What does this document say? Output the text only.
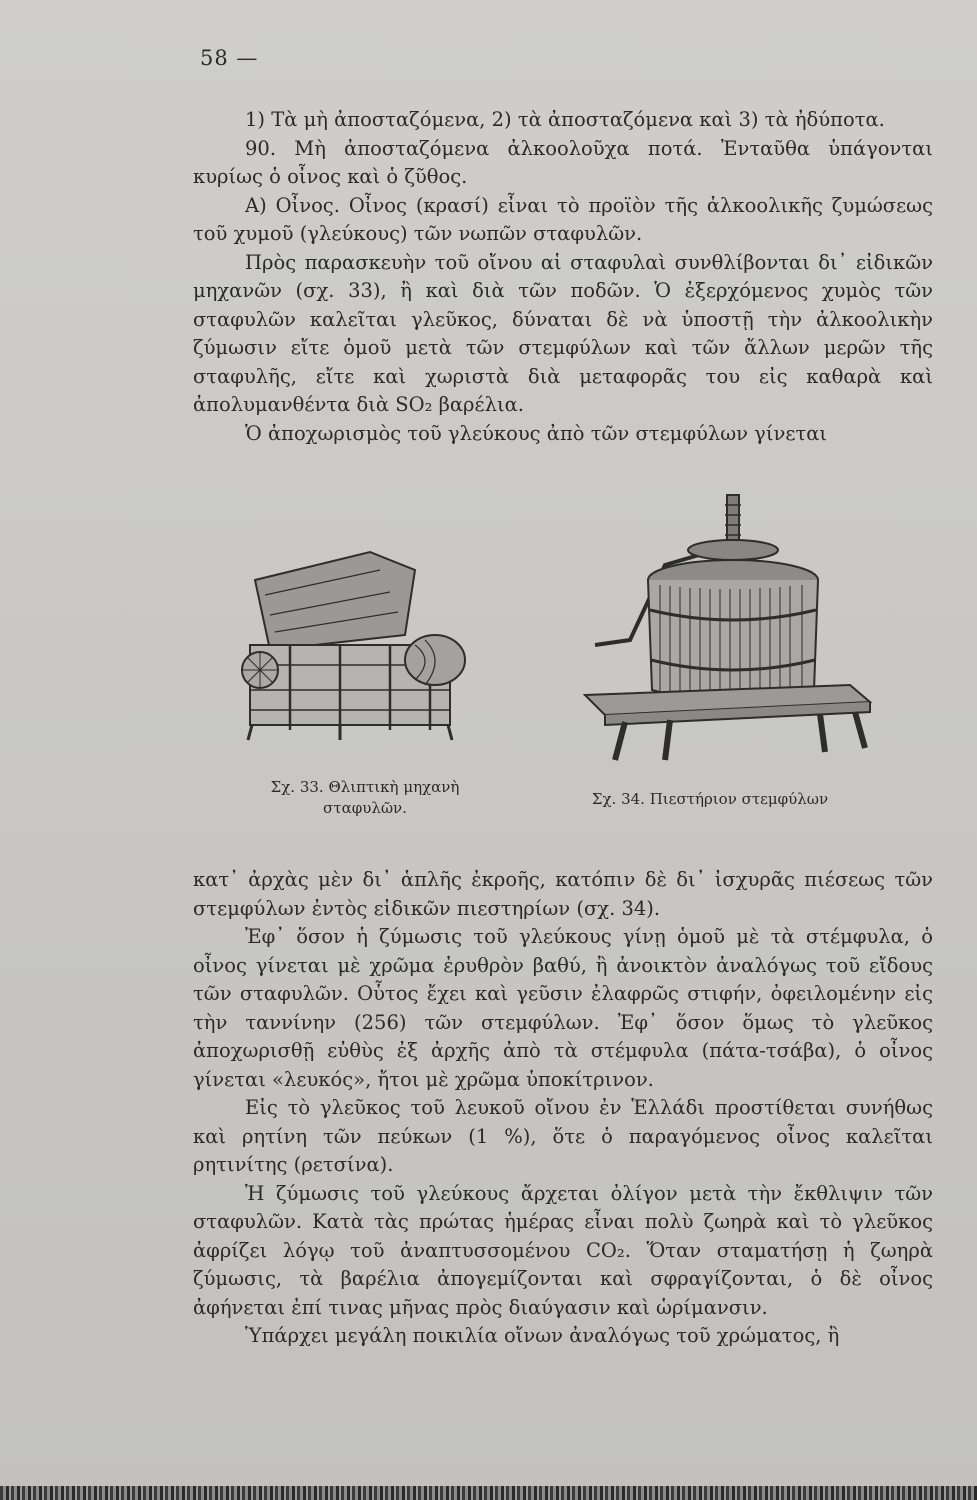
58 —

1) Τὰ μὴ ἀποσταζόμενα, 2) τὰ ἀποσταζόμενα καὶ 3) τὰ ἠδύποτα.

90. Μὴ ἀποσταζόμενα ἀλκοολοῦχα ποτά. Ἐνταῦθα ὑπάγονται κυρίως ὁ οἶνος καὶ ὁ ζῦθος.

Α) Οἶνος. Οἶνος (κρασί) εἶναι τὸ προϊὸν τῆς ἀλκοολικῆς ζυμώσεως τοῦ χυμοῦ (γλεύκους) τῶν νωπῶν σταφυλῶν.

Πρὸς παρασκευὴν τοῦ οἴνου αἱ σταφυλαὶ συνθλίβονται δι᾽ εἰδικῶν μηχανῶν (σχ. 33), ἢ καὶ διὰ τῶν ποδῶν. Ὁ ἐξερχόμενος χυμὸς τῶν σταφυλῶν καλεῖται γλεῦκος, δύναται δὲ νὰ ὑποστῇ τὴν ἀλκοολικὴν ζύμωσιν εἴτε ὁμοῦ μετὰ τῶν στεμφύλων καὶ τῶν ἄλλων μερῶν τῆς σταφυλῆς, εἴτε καὶ χωριστὰ διὰ μεταφορᾶς του εἰς καθαρὰ καὶ ἀπολυμανθέντα διὰ SO₂ βαρέλια.

Ὁ ἀποχωρισμὸς τοῦ γλεύκους ἀπὸ τῶν στεμφύλων γίνεται

Σχ. 33. Θλιπτικὴ μηχανὴ σταφυλῶν.	Σχ. 34. Πιεστήριον στεμφύλων

κατ᾽ ἀρχὰς μὲν δι᾽ ἁπλῆς ἐκροῆς, κατόπιν δὲ δι᾽ ἰσχυρᾶς πιέσεως τῶν στεμφύλων ἐντὸς εἰδικῶν πιεστηρίων (σχ. 34).

Ἐφ᾽ ὅσον ἡ ζύμωσις τοῦ γλεύκους γίνῃ ὁμοῦ μὲ τὰ στέμφυλα, ὁ οἶνος γίνεται μὲ χρῶμα ἐρυθρὸν βαθύ, ἢ ἀνοικτὸν ἀναλόγως τοῦ εἴδους τῶν σταφυλῶν. Οὗτος ἔχει καὶ γεῦσιν ἐλαφρῶς στιφήν, ὀφειλομένην εἰς τὴν ταννίνην (256) τῶν στεμφύλων. Ἐφ᾽ ὅσον ὅμως τὸ γλεῦκος ἀποχωρισθῇ εὐθὺς ἐξ ἀρχῆς ἀπὸ τὰ στέμφυλα (πάτα-τσάβα), ὁ οἶνος γίνεται «λευκός», ἤτοι μὲ χρῶμα ὑποκίτρινον.

Εἰς τὸ γλεῦκος τοῦ λευκοῦ οἴνου ἐν Ἑλλάδι προστίθεται συνήθως καὶ ρητίνη τῶν πεύκων (1 %), ὅτε ὁ παραγόμενος οἶνος καλεῖται ρητινίτης (ρετσίνα).

Ἡ ζύμωσις τοῦ γλεύκους ἄρχεται ὀλίγον μετὰ τὴν ἔκθλιψιν τῶν σταφυλῶν. Κατὰ τὰς πρώτας ἡμέρας εἶναι πολὺ ζωηρὰ καὶ τὸ γλεῦκος ἀφρίζει λόγῳ τοῦ ἀναπτυσσομένου CO₂. Ὅταν σταματήσῃ ἡ ζωηρὰ ζύμωσις, τὰ βαρέλια ἀπογεμίζονται καὶ σφραγίζονται, ὁ δὲ οἶνος ἀφήνεται ἐπί τινας μῆνας πρὸς διαύγασιν καὶ ὡρίμανσιν.

Ὑπάρχει μεγάλη ποικιλία οἴνων ἀναλόγως τοῦ χρώματος, ἢ
